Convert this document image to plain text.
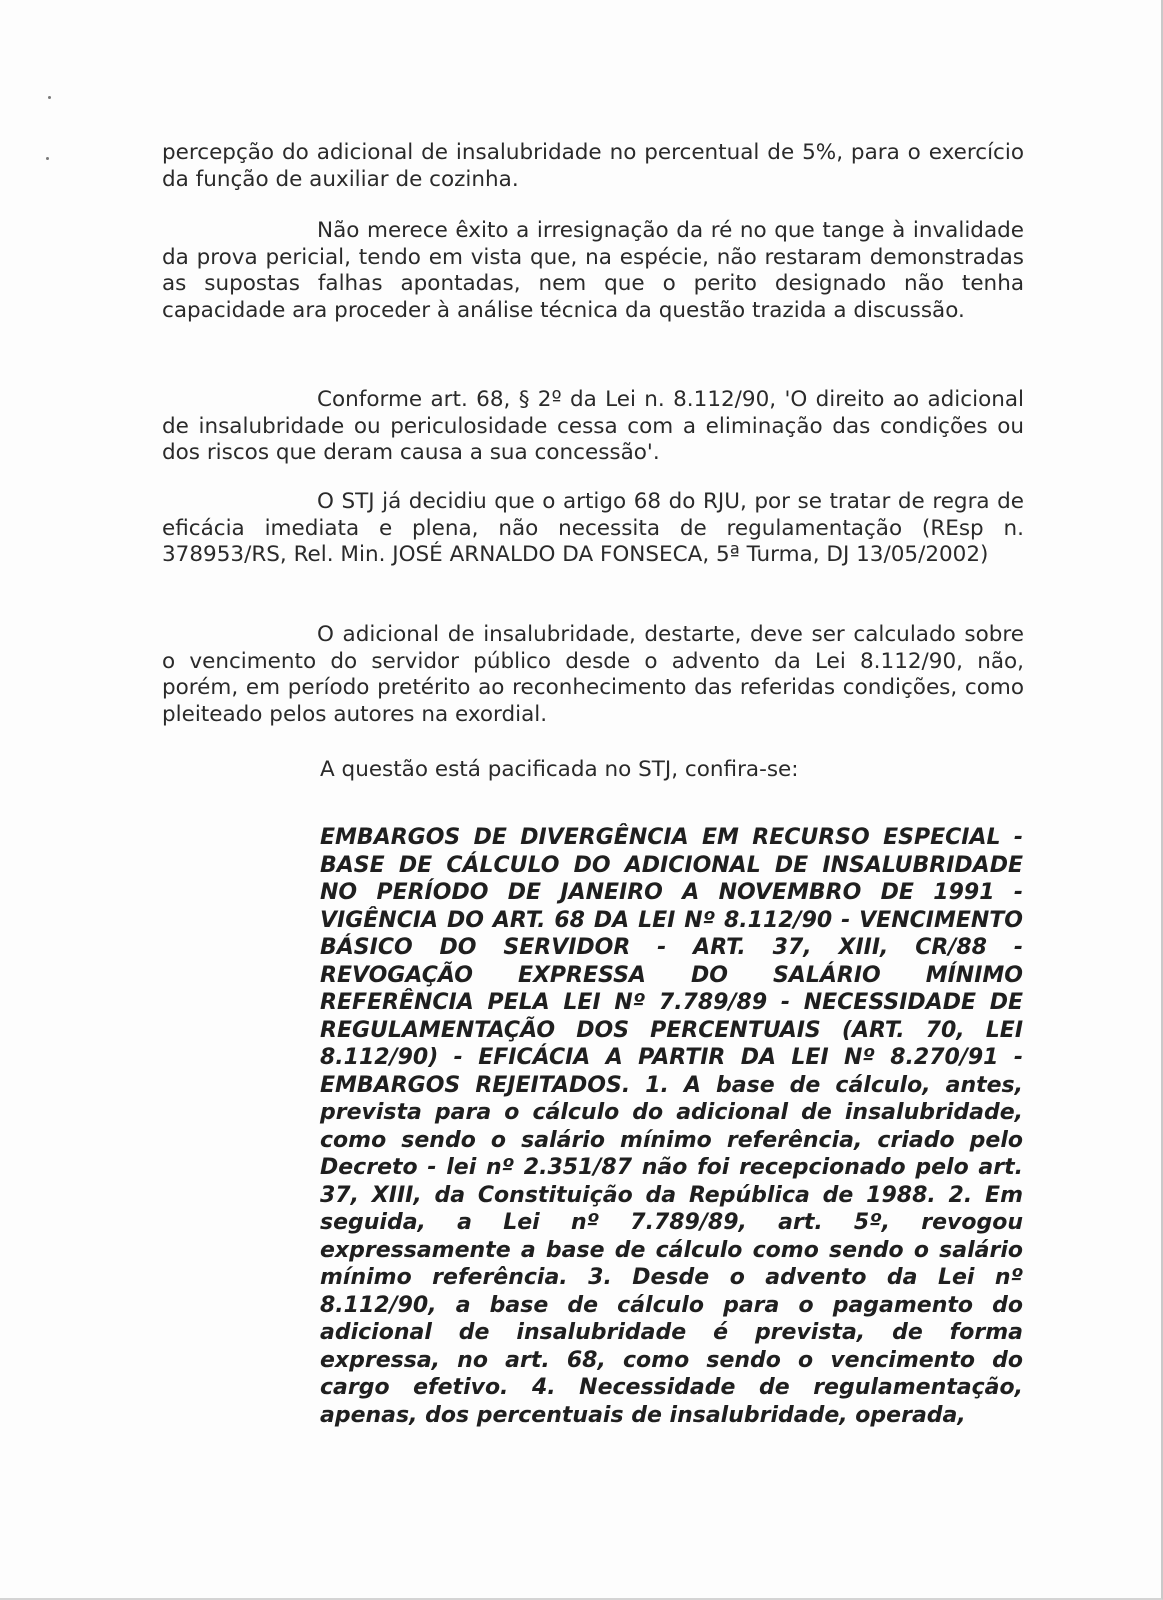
percepção do adicional de insalubridade no percentual de 5%, para o exercício da função de auxiliar de cozinha.

Não merece êxito a irresignação da ré no que tange à invalidade da prova pericial, tendo em vista que, na espécie, não restaram demonstradas as supostas falhas apontadas, nem que o perito designado não tenha capacidade ara proceder à análise técnica da questão trazida a discussão.

Conforme art. 68, § 2º da Lei n. 8.112/90, 'O direito ao adicional de insalubridade ou periculosidade cessa com a eliminação das condições ou dos riscos que deram causa a sua concessão'.

O STJ já decidiu que o artigo 68 do RJU, por se tratar de regra de eficácia imediata e plena, não necessita de regulamentação (REsp n. 378953/RS, Rel. Min. JOSÉ ARNALDO DA FONSECA, 5ª Turma, DJ 13/05/2002)

O adicional de insalubridade, destarte, deve ser calculado sobre o vencimento do servidor público desde o advento da Lei 8.112/90, não, porém, em período pretérito ao reconhecimento das referidas condições, como pleiteado pelos autores na exordial.

A questão está pacificada no STJ, confira-se:

EMBARGOS DE DIVERGÊNCIA EM RECURSO ESPECIAL - BASE DE CÁLCULO DO ADICIONAL DE INSALUBRIDADE NO PERÍODO DE JANEIRO A NOVEMBRO DE 1991 - VIGÊNCIA DO ART. 68 DA LEI Nº 8.112/90 - VENCIMENTO BÁSICO DO SERVIDOR - ART. 37, XIII, CR/88 - REVOGAÇÃO EXPRESSA DO SALÁRIO MÍNIMO REFERÊNCIA PELA LEI Nº 7.789/89 - NECESSIDADE DE REGULAMENTAÇÃO DOS PERCENTUAIS (ART. 70, LEI 8.112/90) - EFICÁCIA A PARTIR DA LEI Nº 8.270/91 - EMBARGOS REJEITADOS. 1. A base de cálculo, antes, prevista para o cálculo do adicional de insalubridade, como sendo o salário mínimo referência, criado pelo Decreto - lei nº 2.351/87 não foi recepcionado pelo art. 37, XIII, da Constituição da República de 1988. 2. Em seguida, a Lei nº 7.789/89, art. 5º, revogou expressamente a base de cálculo como sendo o salário mínimo referência. 3. Desde o advento da Lei nº 8.112/90, a base de cálculo para o pagamento do adicional de insalubridade é prevista, de forma expressa, no art. 68, como sendo o vencimento do cargo efetivo. 4. Necessidade de regulamentação, apenas, dos percentuais de insalubridade, operada,
